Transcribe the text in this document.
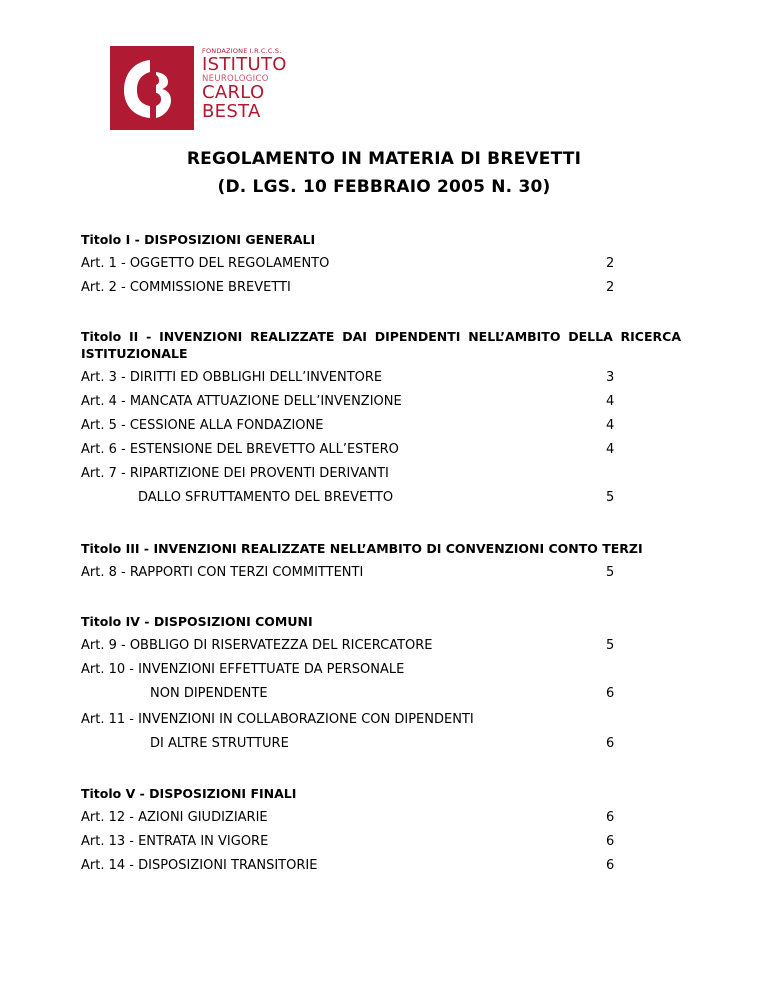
FONDAZIONE I.R.C.C.S.
ISTITUTO
NEUROLOGICO
CARLO
BESTA
REGOLAMENTO IN MATERIA DI BREVETTI
(D. LGS. 10 FEBBRAIO 2005 N. 30)
Titolo I - DISPOSIZIONI GENERALI
Art. 1 - OGGETTO DEL REGOLAMENTO	2
Art. 2 - COMMISSIONE BREVETTI	2
Titolo II - INVENZIONI REALIZZATE DAI DIPENDENTI NELL’AMBITO DELLA RICERCA ISTITUZIONALE
Art. 3 - DIRITTI ED OBBLIGHI DELL’INVENTORE	3
Art. 4 - MANCATA ATTUAZIONE DELL’INVENZIONE	4
Art. 5 - CESSIONE ALLA FONDAZIONE	4
Art. 6 - ESTENSIONE DEL BREVETTO ALL’ESTERO	4
Art. 7 - RIPARTIZIONE DEI PROVENTI DERIVANTI
DALLO SFRUTTAMENTO DEL BREVETTO	5
Titolo III - INVENZIONI REALIZZATE NELL’AMBITO DI CONVENZIONI CONTO TERZI
Art. 8 - RAPPORTI CON TERZI COMMITTENTI	5
Titolo IV - DISPOSIZIONI COMUNI
Art. 9 - OBBLIGO DI RISERVATEZZA DEL RICERCATORE	5
Art. 10 - INVENZIONI EFFETTUATE DA PERSONALE
NON DIPENDENTE	6
Art. 11 - INVENZIONI IN COLLABORAZIONE CON DIPENDENTI
DI ALTRE STRUTTURE	6
Titolo V - DISPOSIZIONI FINALI
Art. 12 - AZIONI GIUDIZIARIE	6
Art. 13 - ENTRATA IN VIGORE	6
Art. 14 - DISPOSIZIONI TRANSITORIE	6
